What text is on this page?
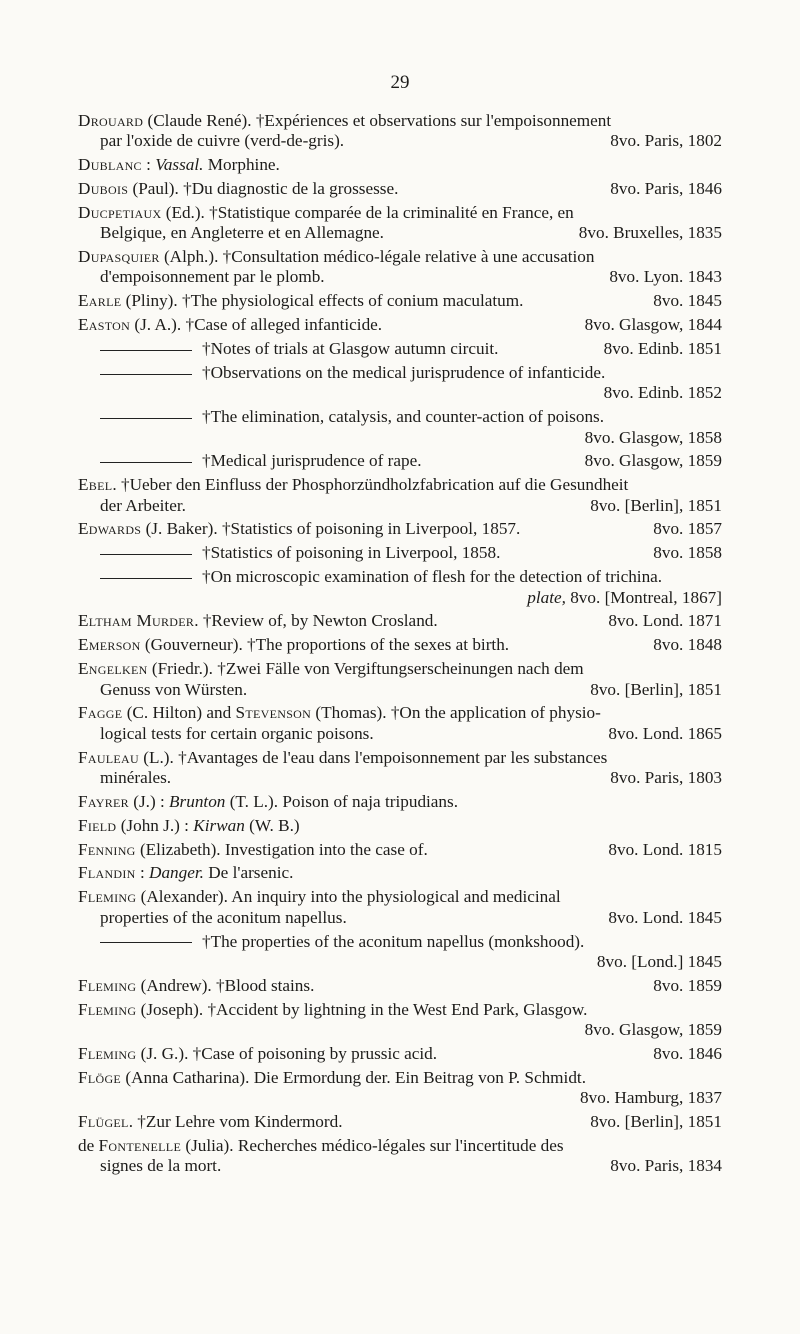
29
Drouard (Claude René). †Expériences et observations sur l'empoisonnement
par l'oxide de cuivre (verd-de-gris).	8vo. Paris, 1802
Dublanc : Vassal. Morphine.
Dubois (Paul). †Du diagnostic de la grossesse.	8vo. Paris, 1846
Ducpetiaux (Ed.). †Statistique comparée de la criminalité en France, en
Belgique, en Angleterre et en Allemagne.	8vo. Bruxelles, 1835
Dupasquier (Alph.). †Consultation médico-légale relative à une accusation
d'empoisonnement par le plomb.	8vo. Lyon. 1843
Earle (Pliny). †The physiological effects of conium maculatum.	8vo. 1845
Easton (J. A.). †Case of alleged infanticide.	8vo. Glasgow, 1844
†Notes of trials at Glasgow autumn circuit.	8vo. Edinb. 1851
†Observations on the medical jurisprudence of infanticide.
8vo. Edinb. 1852
†The elimination, catalysis, and counter-action of poisons.
8vo. Glasgow, 1858
†Medical jurisprudence of rape.	8vo. Glasgow, 1859
Ebel. †Ueber den Einfluss der Phosphorzündholzfabrication auf die Gesundheit
der Arbeiter.	8vo. [Berlin], 1851
Edwards (J. Baker). †Statistics of poisoning in Liverpool, 1857.	8vo. 1857
†Statistics of poisoning in Liverpool, 1858.	8vo. 1858
†On microscopic examination of flesh for the detection of trichina.
plate, 8vo. [Montreal, 1867]
Eltham Murder. †Review of, by Newton Crosland.	8vo. Lond. 1871
Emerson (Gouverneur). †The proportions of the sexes at birth.	8vo. 1848
Engelken (Friedr.). †Zwei Fälle von Vergiftungserscheinungen nach dem
Genuss von Würsten.	8vo. [Berlin], 1851
Fagge (C. Hilton) and Stevenson (Thomas). †On the application of physio-
logical tests for certain organic poisons.	8vo. Lond. 1865
Fauleau (L.). †Avantages de l'eau dans l'empoisonnement par les substances
minérales.	8vo. Paris, 1803
Fayrer (J.) : Brunton (T. L.). Poison of naja tripudians.
Field (John J.) : Kirwan (W. B.)
Fenning (Elizabeth). Investigation into the case of.	8vo. Lond. 1815
Flandin : Danger. De l'arsenic.
Fleming (Alexander). An inquiry into the physiological and medicinal
properties of the aconitum napellus.	8vo. Lond. 1845
†The properties of the aconitum napellus (monkshood).
8vo. [Lond.] 1845
Fleming (Andrew). †Blood stains.	8vo. 1859
Fleming (Joseph). †Accident by lightning in the West End Park, Glasgow.
8vo. Glasgow, 1859
Fleming (J. G.). †Case of poisoning by prussic acid.	8vo. 1846
Flöge (Anna Catharina). Die Ermordung der. Ein Beitrag von P. Schmidt.
8vo. Hamburg, 1837
Flügel. †Zur Lehre vom Kindermord.	8vo. [Berlin], 1851
de Fontenelle (Julia). Recherches médico-légales sur l'incertitude des
signes de la mort.	8vo. Paris, 1834
